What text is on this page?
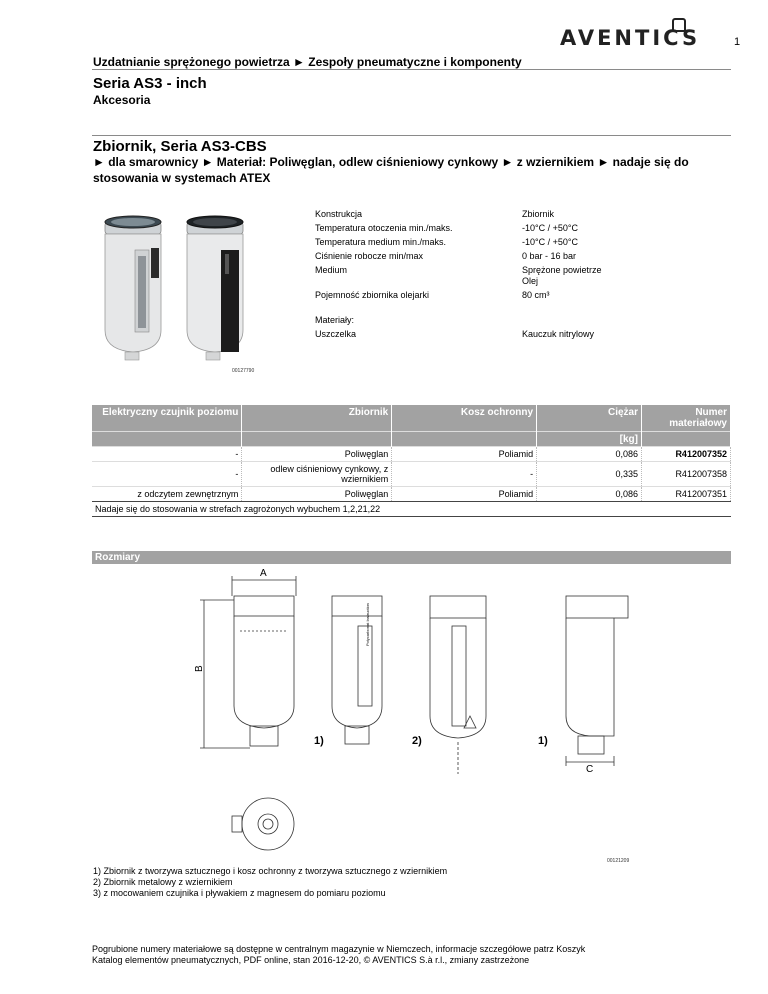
AVENTICS	1
Uzdatnianie sprężonego powietrza ► Zespoły pneumatyczne i komponenty
Seria AS3 - inch
Akcesoria
Zbiornik, Seria AS3-CBS
► dla smarownicy ► Materiał: Poliwęglan, odlew ciśnieniowy cynkowy ► z wziernikiem ► nadaje się do stosowania w systemach ATEX
00127790
Konstrukcja	Zbiornik
Temperatura otoczenia min./maks.	-10°C / +50°C
Temperatura medium min./maks.	-10°C / +50°C
Ciśnienie robocze min/max	0 bar - 16 bar
Medium	Sprężone powietrze
Olej
Pojemność zbiornika olejarki	80 cm³
Materiały:
Uszczelka	Kauczuk nitrylowy
Elektryczny czujnik poziomu	Zbiornik	Kosz ochronny	Ciężar	Numer materiałowy
			[kg]	
-	Poliwęglan	Poliamid	0,086	R412007352
-	odlew ciśnieniowy cynkowy, z wziernikiem	-	0,335	R412007358
z odczytem zewnętrznym	Poliwęglan	Poliamid	0,086	R412007351
Nadaje się do stosowania w strefach zagrożonych wybuchem 1,2,21,22				
Rozmiary
A
B
1)
Polycarbonat Instruction
2)	1)
C
00121209
1) Zbiornik z tworzywa sztucznego i kosz ochronny z tworzywa sztucznego z wziernikiem
2) Zbiornik metalowy z wziernikiem
3) z mocowaniem czujnika i pływakiem z magnesem do pomiaru poziomu
Pogrubione numery materiałowe są dostępne w centralnym magazynie w Niemczech, informacje szczegółowe patrz Koszyk
Katalog elementów pneumatycznych, PDF online, stan 2016-12-20, © AVENTICS S.à r.l., zmiany zastrzeżone
